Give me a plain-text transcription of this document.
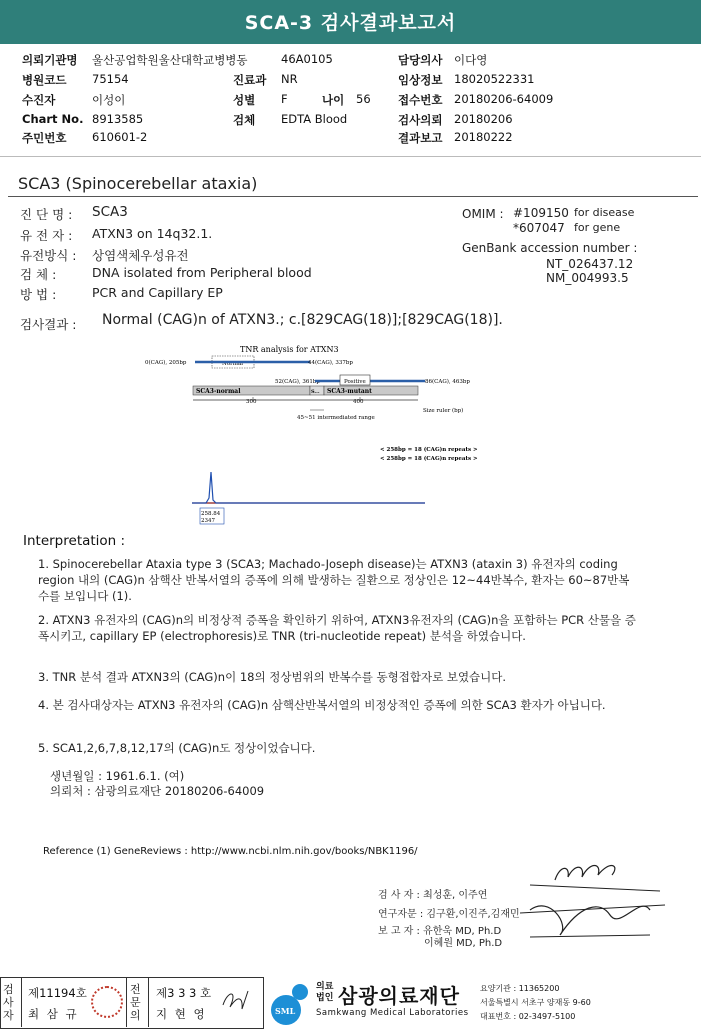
SCA-3 검사결과보고서
의뢰기관명 울산공업학원울산대학교병병동	46A0105	담당의사 이다영
병원코드 75154	진료과 NR	임상정보 18020522331
수진자	이성이	성별 F	나이 56 접수번호 20180206-64009
Chart No. 8913585	검체 EDTA Blood	검사의뢰 20180206
주민번호 610601-2	결과보고 20180222
SCA3 (Spinocerebellar ataxia)
진 단 명 : SCA3
유 전 자 : ATXN3 on 14q32.1.
유전방식 : 상염색체우성유전
검 체 :	DNA isolated from Peripheral blood
방 법 :	PCR and Capillary EP
OMIM : #109150 for disease
*607047 for gene
GenBank accession number :
NT_026437.12
NM_004993.5
검사결과 : Normal (CAG)n of ATXN3.; c.[829CAG(18)];[829CAG(18)].
TNR analysis for ATXN3
0(CAG), 205bp	Normal	44(CAG), 337bp
52(CAG), 361bp	Positive	86(CAG), 463bp
SCA3-normal	S... SCA3-mutant
300	400
Size ruler (bp)
45~51 intermediated range
< 258bp = 18 (CAG)n repeats >
< 258bp = 18 (CAG)n repeats >
258.84
2347
Interpretation :
1. Spinocerebellar Ataxia type 3 (SCA3; Machado-Joseph disease)는 ATXN3 (ataxin 3) 유전자의 coding region 내의 (CAG)n 삼핵산 반복서열의 증폭에 의해 발생하는 질환으로 정상인은 12~44반복수, 환자는 60~87반복수를 보입니다 (1).
2. ATXN3 유전자의 (CAG)n의 비정상적 증폭을 확인하기 위하여, ATXN3유전자의 (CAG)n을 포함하는 PCR 산물을 증폭시키고, capillary EP (electrophoresis)로 TNR (tri-nucleotide repeat) 분석을 하였습니다.
3. TNR 분석 결과 ATXN3의 (CAG)n이 18의 정상범위의 반복수를 동형접합자로 보였습니다.
4. 본 검사대상자는 ATXN3 유전자의 (CAG)n 삼핵산반복서열의 비정상적인 증폭에 의한 SCA3 환자가 아닙니다.
5. SCA1,2,6,7,8,12,17의 (CAG)n도 정상이었습니다.
생년월일 : 1961.6.1. (여)
의뢰처 : 삼광의료재단 20180206-64009
Reference (1) GeneReviews : http://www.ncbi.nlm.nih.gov/books/NBK1196/
검 사 자 : 최성훈, 이주연
연구자문 : 김구환,이진주,김재민
보 고 자 : 유한욱 MD, Ph.D
이혜원 MD, Ph.D
검사자
제11194호
최 삼 규
전문의
제3 3 3 호
지 현 영	SML
의료
법인 삼광의료재단
Samkwang Medical Laboratories
요양기관 : 11365200
서울특별시 서초구 양재동 9-60
대표번호 : 02-3497-5100
